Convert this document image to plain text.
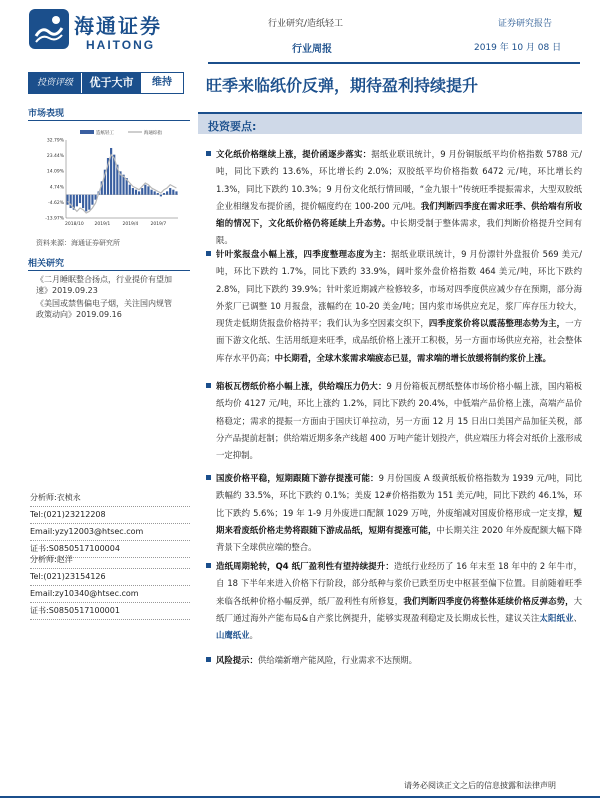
海通证券
HAITONG
行业研究/造纸轻工
行业周报
证券研究报告
2019 年 10 月 08 日
投资评级	优于大市	维持	旺季来临纸价反弹，期待盈利持续提升
市场表现
造纸轻工	海通综指
32.79%
23.44%
14.09%
4.74%
-4.62%
-13.97%
2018/10 2019/1	2019/4	2019/7
资料来源：海通证券研究所
相关研究
《二月睡眠整合扬点，行业提价有望加
速》2019.09.23
《美国或禁售偏电子烟，关注国内规管
政策动向》2019.09.16
分析师:衣桢永
Tel:(021)23212208
Email:yzy12003@htsec.com
证书:S0850517100004
分析师:赵洋
Tel:(021)23154126
Email:zy10340@htsec.com
证书:S0850517100001
投资要点:
文化纸价格继续上涨，提价函逐步落实：据纸业联讯统计，9 月份铜版纸平均价格指数 5788 元/吨，同比下跌约 13.6%，环比增长约 2.0%；双胶纸平均价格指数 6472 元/吨，环比增长约 1.3%，同比下跌约 10.3%；9 月份文化纸行情回暖，“金九银十”传统旺季提振需求，大型双胶纸企业相继发布提价函，提价幅度约在 100-200 元/吨。我们判断四季度在需求旺季、供给端有所收缩的情况下，文化纸价格仍将延续上升态势。中长期受制于整体需求，我们判断价格提升空间有限。
针叶浆报盘小幅上涨，四季度整理态度为主：据纸业联讯统计，9 月份漂针外盘报价 569 美元/吨，环比下跌约 1.7%，同比下跌约 33.9%，阔叶浆外盘价格指数 464 美元/吨，环比下跌约 2.8%，同比下跌约 39.9%；针叶浆近期减产检修较多，市场对四季度供应减少存在预期，部分海外浆厂已调整 10 月报盘，涨幅约在 10-20 美金/吨；国内浆市场供应充足，浆厂库存压力较大，现货走低期货报盘价格持平；我们认为多空因素交织下，四季度浆价将以震荡整理态势为主，一方面下游文化纸、生活用纸迎来旺季，成品纸价格上涨开工积极，另一方面市场供应充裕，社会整体库存水平仍高；中长期看，全球木浆需求端疲态已显，需求端的增长放缓将制约浆价上涨。
箱板瓦楞纸价格小幅上涨，供给端压力仍大：9 月份箱板瓦楞纸整体市场价格小幅上涨，国内箱板纸均价 4127 元/吨，环比上涨约 1.2%，同比下跌约 20.4%，中低端产品价格上涨，高端产品价格稳定；需求的提振一方面由于国庆订单拉动，另一方面 12 月 15 日出口美国产品加征关税，部分产品提前赶制；供给端近期多条产线超 400 万吨产能计划投产，供应端压力将会对纸价上涨形成一定抑制。
国废价格平稳，短期跟随下游存提涨可能：9 月份国废 A 级黄纸板价格指数为 1939 元/吨，同比跌幅约 33.5%，环比下跌约 0.1%；美废 12#价格指数为 151 美元/吨，同比下跌约 46.1%，环比下跌约 5.6%；19 年 1-9 月外废进口配额 1029 万吨，外废缩减对国废价格形成一定支撑，短期来看废纸价格走势将跟随下游成品纸，短期有提涨可能，中长期关注 2020 年外废配额大幅下降背景下全球供应端的整合。
造纸周期轮转，Q4 纸厂盈利性有望持续提升：造纸行业经历了 16 年末至 18 年中的 2 年牛市，自 18 下半年来进入价格下行阶段，部分纸种与浆价已跌至历史中枢甚至偏下位置。目前随着旺季来临各纸种价格小幅反弹，纸厂盈利性有所修复，我们判断四季度仍将整体延续价格反弹态势，大纸厂通过海外产能布局&自产浆比例提升，能够实现盈利稳定及长期成长性，建议关注太阳纸业、山鹰纸业。
风险提示：供给端新增产能风险，行业需求不达预期。
请务必阅读正文之后的信息披露和法律声明
